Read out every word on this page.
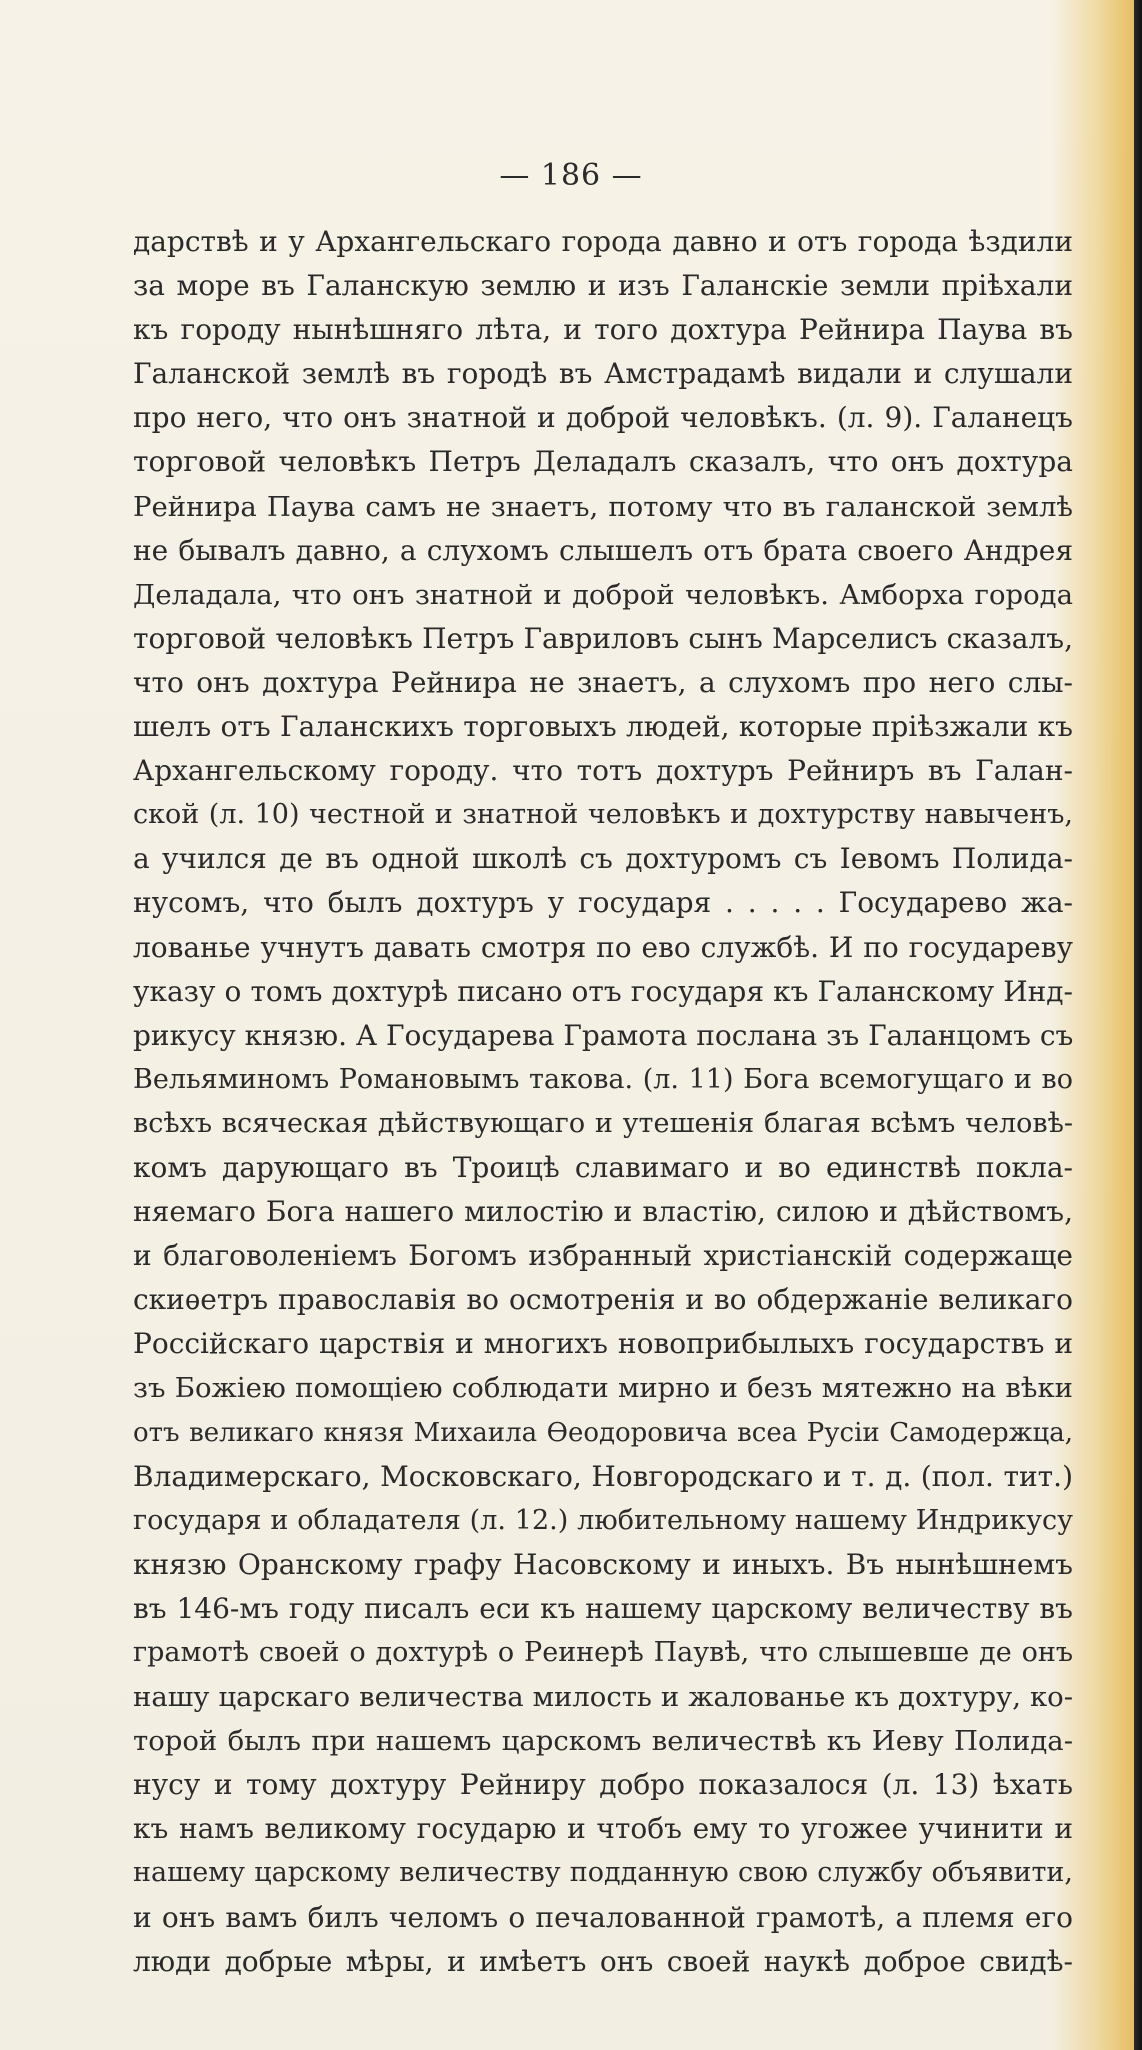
— 186 —
дарствѣ и у Архангельскаго города давно и отъ города ѣздили
за море въ Галанскую землю и изъ Галанскіе земли пріѣхали
къ городу нынѣшняго лѣта, и того дохтура Рейнира Паува въ
Галанской землѣ въ городѣ въ Амстрадамѣ видали и слушали
про него, что онъ знатной и доброй человѣкъ. (л. 9). Галанецъ
торговой человѣкъ Петръ Деладалъ сказалъ, что онъ дохтура
Рейнира Паува самъ не знаетъ, потому что въ галанской землѣ
не бывалъ давно, а слухомъ слышелъ отъ брата своего Андрея
Деладала, что онъ знатной и доброй человѣкъ. Амборха города
торговой человѣкъ Петръ Гавриловъ сынъ Марселисъ сказалъ,
что онъ дохтура Рейнира не знаетъ, а слухомъ про него слы-
шелъ отъ Галанскихъ торговыхъ людей, которые пріѣзжали къ
Архангельскому городу. что тотъ дохтуръ Рейниръ въ Галан-
ской (л. 10) честной и знатной человѣкъ и дохтурству навыченъ,
а учился де въ одной школѣ съ дохтуромъ съ Іевомъ Полида-
нусомъ, что былъ дохтуръ у государя . . . . . Государево жа-
лованье учнутъ давать смотря по ево службѣ. И по государеву
указу о томъ дохтурѣ писано отъ государя къ Галанскому Инд-
рикусу князю. А Государева Грамота послана зъ Галанцомъ съ
Вельяминомъ Романовымъ такова. (л. 11) Бога всемогущаго и во
всѣхъ всяческая дѣйствующаго и утешенія благая всѣмъ человѣ-
комъ дарующаго въ Троицѣ славимаго и во единствѣ покла-
няемаго Бога нашего милостію и властію, силою и дѣйствомъ,
и благоволеніемъ Богомъ избранный христіанскій содержаще
скиѳетръ православія во осмотренія и во обдержаніе великаго
Россійскаго царствія и многихъ новоприбылыхъ государствъ и
зъ Божіею помощіею соблюдати мирно и безъ мятежно на вѣки
отъ великаго князя Михаила Ѳеодоровича всеа Русіи Самодержца,
Владимерскаго, Московскаго, Новгородскаго и т. д. (пол. тит.)
государя и обладателя (л. 12.) любительному нашему Индрикусу
князю Оранскому графу Насовскому и иныхъ. Въ нынѣшнемъ
въ 146-мъ году писалъ еси къ нашему царскому величеству въ
грамотѣ своей о дохтурѣ о Реинерѣ Паувѣ, что слышевше де онъ
нашу царскаго величества милость и жалованье къ дохтуру, ко-
торой былъ при нашемъ царскомъ величествѣ къ Иеву Полида-
нусу и тому дохтуру Рейниру добро показалося (л. 13) ѣхать
къ намъ великому государю и чтобъ ему то угожее учинити и
нашему царскому величеству подданную свою службу объявити,
и онъ вамъ билъ челомъ о печалованной грамотѣ, а племя его
люди добрые мѣры, и имѣетъ онъ своей наукѣ доброе свидѣ-
